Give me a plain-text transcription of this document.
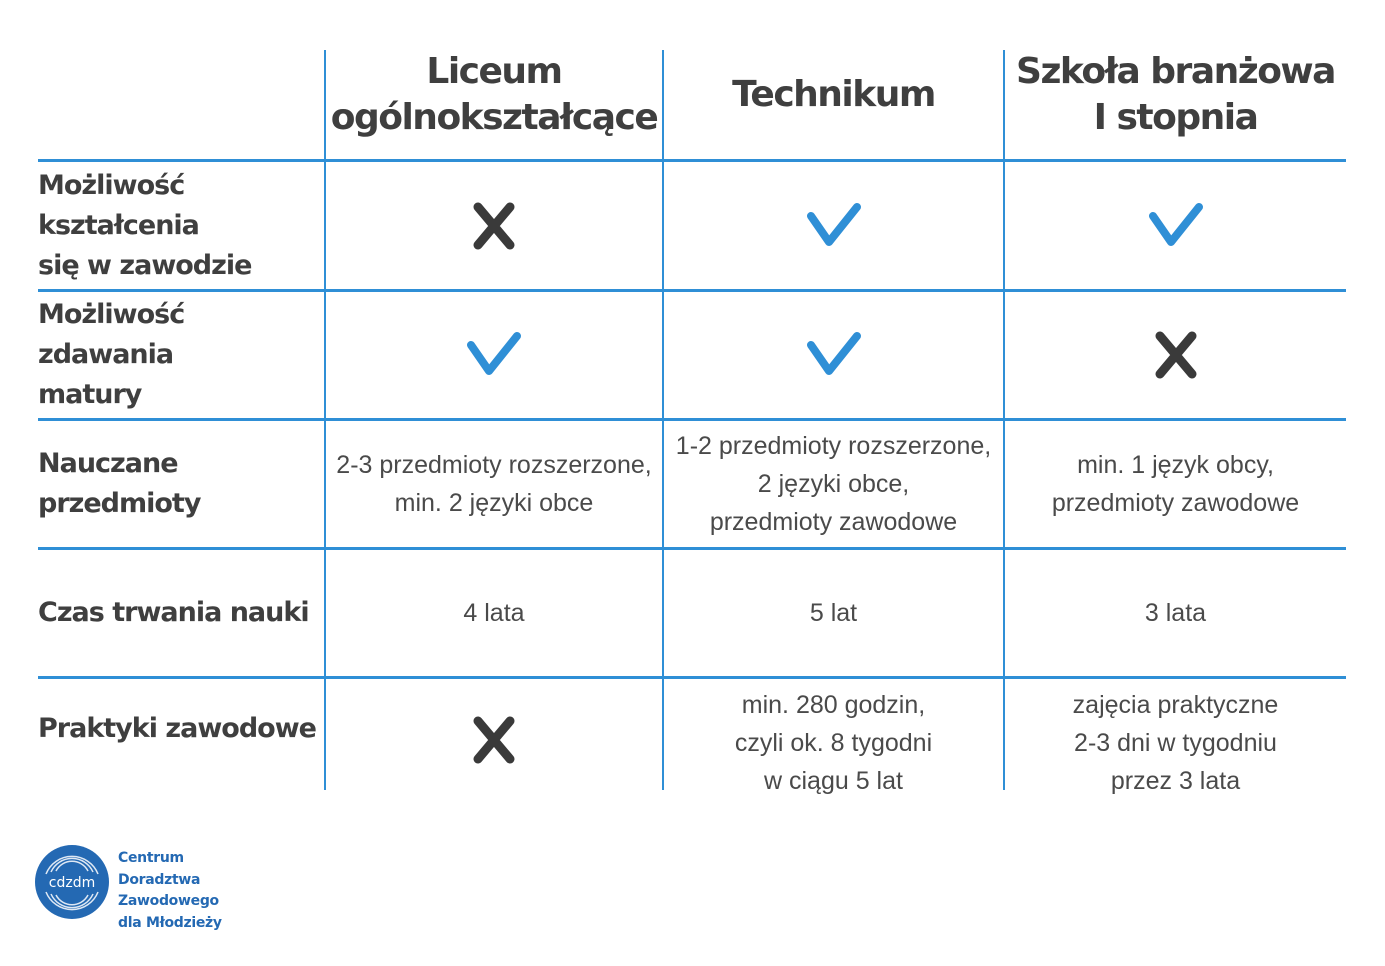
Liceum
ogólnokształcące
Technikum
Szkoła branżowa
I stopnia
Możliwość kształcenia
się w zawodzie
Możliwość zdawania
matury
Nauczane przedmioty
Czas trwania nauki
Praktyki zawodowe
2-3 przedmioty rozszerzone,
min. 2 języki obce
1-2 przedmioty rozszerzone,
2 języki obce,
przedmioty zawodowe
min. 1 język obcy,
przedmioty zawodowe
4 lata	5 lat	3 lata
min. 280 godzin,
czyli ok. 8 tygodni
w ciągu 5 lat
zajęcia praktyczne
2-3 dni w tygodniu
przez 3 lata
cdzdm
Centrum
Doradztwa
Zawodowego
dla Młodzieży
